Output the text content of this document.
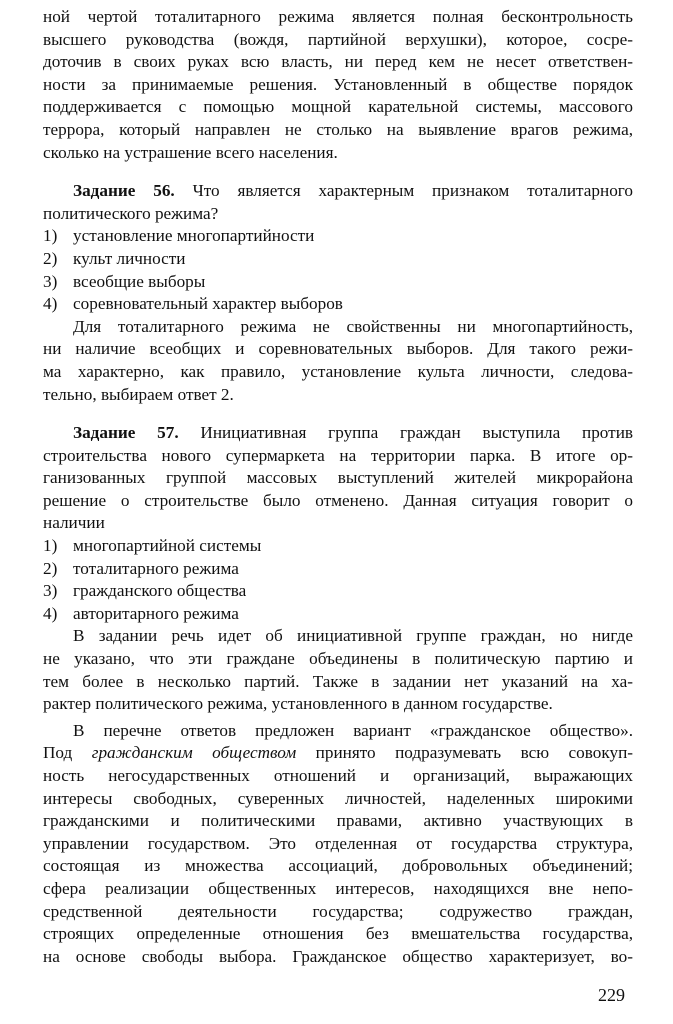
ной чертой тоталитарного режима является полная бесконтрольность
высшего руководства (вождя, партийной верхушки), которое, сосре-
доточив в своих руках всю власть, ни перед кем не несет ответствен-
ности за принимаемые решения. Установленный в обществе порядок
поддерживается с помощью мощной карательной системы, массового
террора, который направлен не столько на выявление врагов режима,
сколько на устрашение всего населения.
Задание 56. Что является характерным признаком тоталитарного
политического режима?
1) установление многопартийности
2) культ личности
3) всеобщие выборы
4) соревновательный характер выборов
Для тоталитарного режима не свойственны ни многопартийность,
ни наличие всеобщих и соревновательных выборов. Для такого режи-
ма характерно, как правило, установление культа личности, следова-
тельно, выбираем ответ 2.
Задание 57. Инициативная группа граждан выступила против
строительства нового супермаркета на территории парка. В итоге ор-
ганизованных группой массовых выступлений жителей микрорайона
решение о строительстве было отменено. Данная ситуация говорит о
наличии
1) многопартийной системы
2) тоталитарного режима
3) гражданского общества
4) авторитарного режима
В задании речь идет об инициативной группе граждан, но нигде
не указано, что эти граждане объединены в политическую партию и
тем более в несколько партий. Также в задании нет указаний на ха-
рактер политического режима, установленного в данном государстве.
В перечне ответов предложен вариант «гражданское общество».
Под гражданским обществом принято подразумевать всю совокуп-
ность негосударственных отношений и организаций, выражающих
интересы свободных, суверенных личностей, наделенных широкими
гражданскими и политическими правами, активно участвующих в
управлении государством. Это отделенная от государства структура,
состоящая из множества ассоциаций, добровольных объединений;
сфера реализации общественных интересов, находящихся вне непо-
средственной деятельности государства; содружество граждан,
строящих определенные отношения без вмешательства государства,
на основе свободы выбора. Гражданское общество характеризует, во-
229
